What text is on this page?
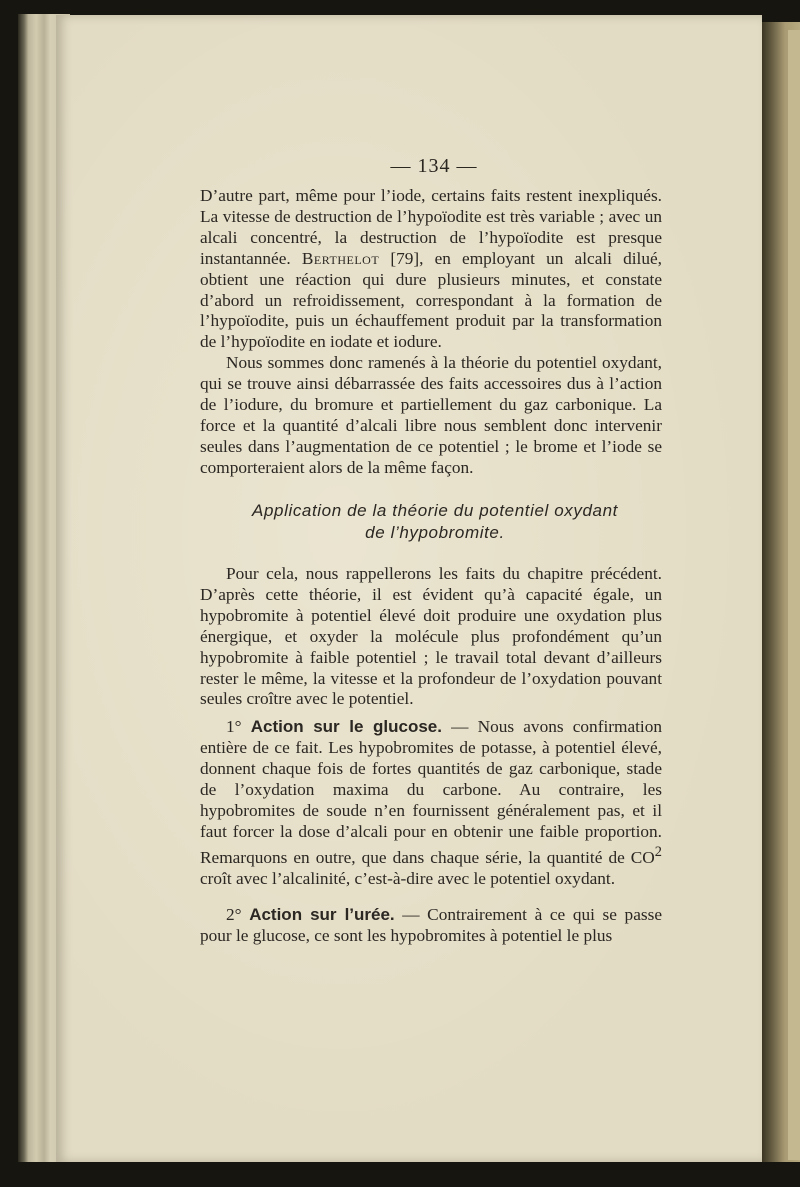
— 134 —

D’autre part, même pour l’iode, certains faits restent inexpliqués. La vitesse de destruction de l’hypoïodite est très variable ; avec un alcali concentré, la destruction de l’hypoïodite est presque instantannée. Berthelot [79], en employant un alcali dilué, obtient une réaction qui dure plusieurs minutes, et constate d’abord un refroidissement, correspondant à la formation de l’hypoïodite, puis un échauffement produit par la transformation de l’hypoïodite en iodate et iodure.

Nous sommes donc ramenés à la théorie du potentiel oxydant, qui se trouve ainsi débarrassée des faits accessoires dus à l’action de l’iodure, du bromure et partiellement du gaz carbonique. La force et la quantité d’alcali libre nous semblent donc intervenir seules dans l’augmentation de ce potentiel ; le brome et l’iode se comporteraient alors de la même façon.

Application de la théorie du potentiel oxydant
de l’hypobromite.

Pour cela, nous rappellerons les faits du chapitre précédent. D’après cette théorie, il est évident qu’à capacité égale, un hypobromite à potentiel élevé doit produire une oxydation plus énergique, et oxyder la molécule plus profondément qu’un hypobromite à faible potentiel ; le travail total devant d’ailleurs rester le même, la vitesse et la profondeur de l’oxydation pouvant seules croître avec le potentiel.

1° Action sur le glucose. — Nous avons confirmation entière de ce fait. Les hypobromites de potasse, à potentiel élevé, donnent chaque fois de fortes quantités de gaz carbonique, stade de l’oxydation maxima du carbone. Au contraire, les hypobromites de soude n’en fournissent généralement pas, et il faut forcer la dose d’alcali pour en obtenir une faible proportion. Remarquons en outre, que dans chaque série, la quantité de $CO^2$ croît avec l’alcalinité, c’est-à-dire avec le potentiel oxydant.

2° Action sur l’urée. — Contrairement à ce qui se passe pour le glucose, ce sont les hypobromites à potentiel le plus
